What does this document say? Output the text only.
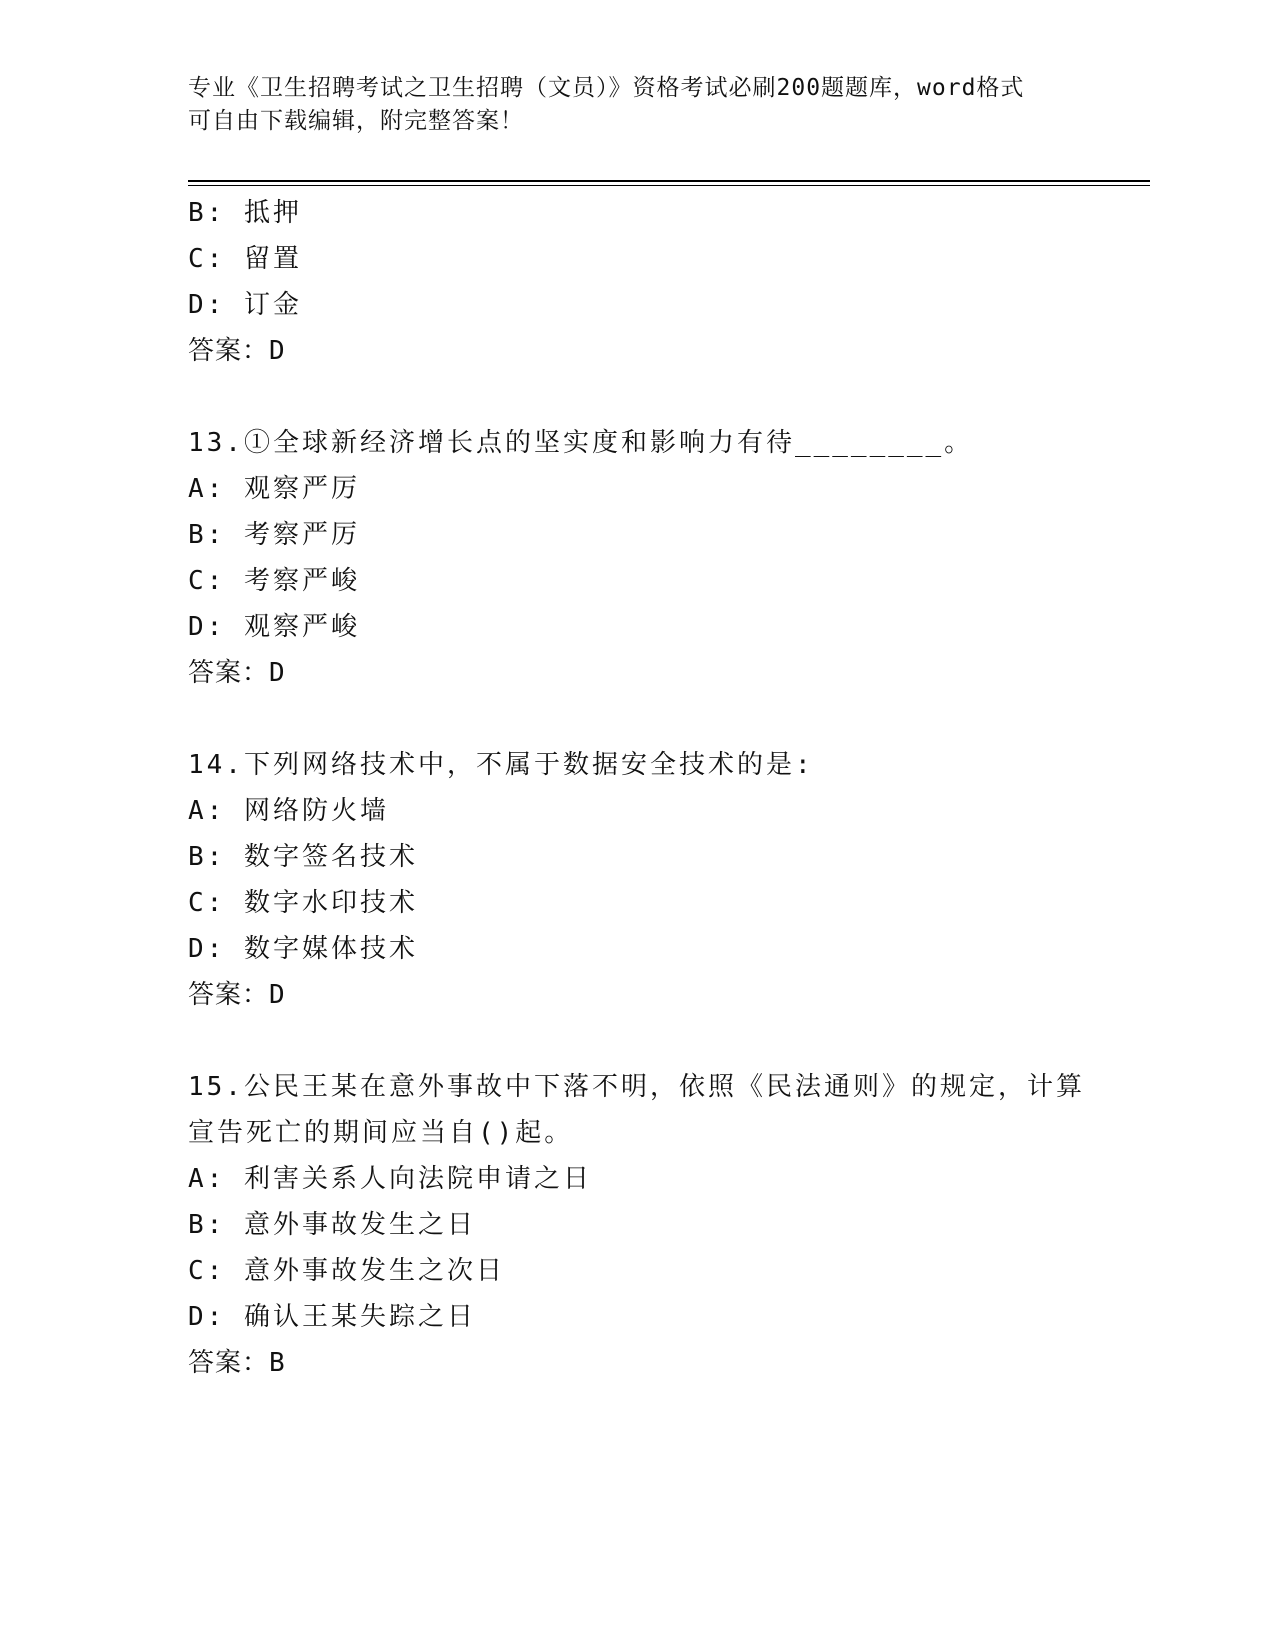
专业《卫生招聘考试之卫生招聘（文员）》资格考试必刷200题题库，word格式
可自由下载编辑，附完整答案！
B: 抵押
C: 留置
D: 订金
答案：D
13.①全球新经济增长点的坚实度和影响力有待________。
A: 观察严厉
B: 考察严厉
C: 考察严峻
D: 观察严峻
答案：D
14.下列网络技术中，不属于数据安全技术的是:
A: 网络防火墙
B: 数字签名技术
C: 数字水印技术
D: 数字媒体技术
答案：D
15.公民王某在意外事故中下落不明，依照《民法通则》的规定，计算
宣告死亡的期间应当自()起。
A: 利害关系人向法院申请之日
B: 意外事故发生之日
C: 意外事故发生之次日
D: 确认王某失踪之日
答案：B
